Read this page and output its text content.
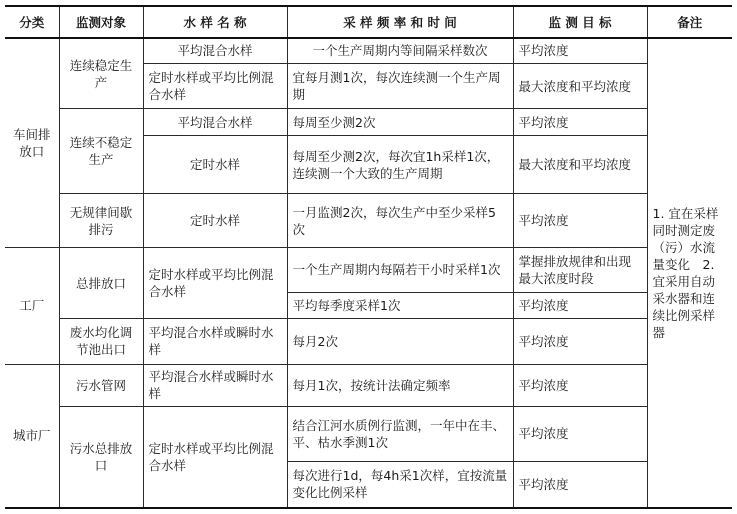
分类	监测对象	水 样 名 称	采 样 频 率 和 时 间	监 测 目 标	备注
车间排放口	连续稳定生产	平均混合水样	一个生产周期内等间隔采样数次	平均浓度	1. 宜在采样同时测定废（污）水流量变化　2. 宜采用自动采水器和连续比例采样器
		定时水样或平均比例混合水样	宜每月测1次，每次连续测一个生产周期	最大浓度和平均浓度	
	连续不稳定生产	平均混合水样	每周至少测2次	平均浓度	
		定时水样	每周至少测2次，每次宜1h采样1次，连续测一个大致的生产周期	最大浓度和平均浓度	
	无规律间歇排污	定时水样	一月监测2次，每次生产中至少采样5次	平均浓度	
工厂	总排放口	定时水样或平均比例混合水样	一个生产周期内每隔若干小时采样1次	掌握排放规律和出现最大浓度时段	
			平均每季度采样1次	平均浓度	
	废水均化调节池出口	平均混合水样或瞬时水样	每月2次	平均浓度	
城市厂	污水管网	平均混合水样或瞬时水样	每月1次，按统计法确定频率	平均浓度	
	污水总排放口	定时水样或平均比例混合水样	结合江河水质例行监测，一年中在丰、平、枯水季测1次	平均浓度	
			每次进行1d，每4h采1次样，宜按流量变化比例采样	平均浓度	
